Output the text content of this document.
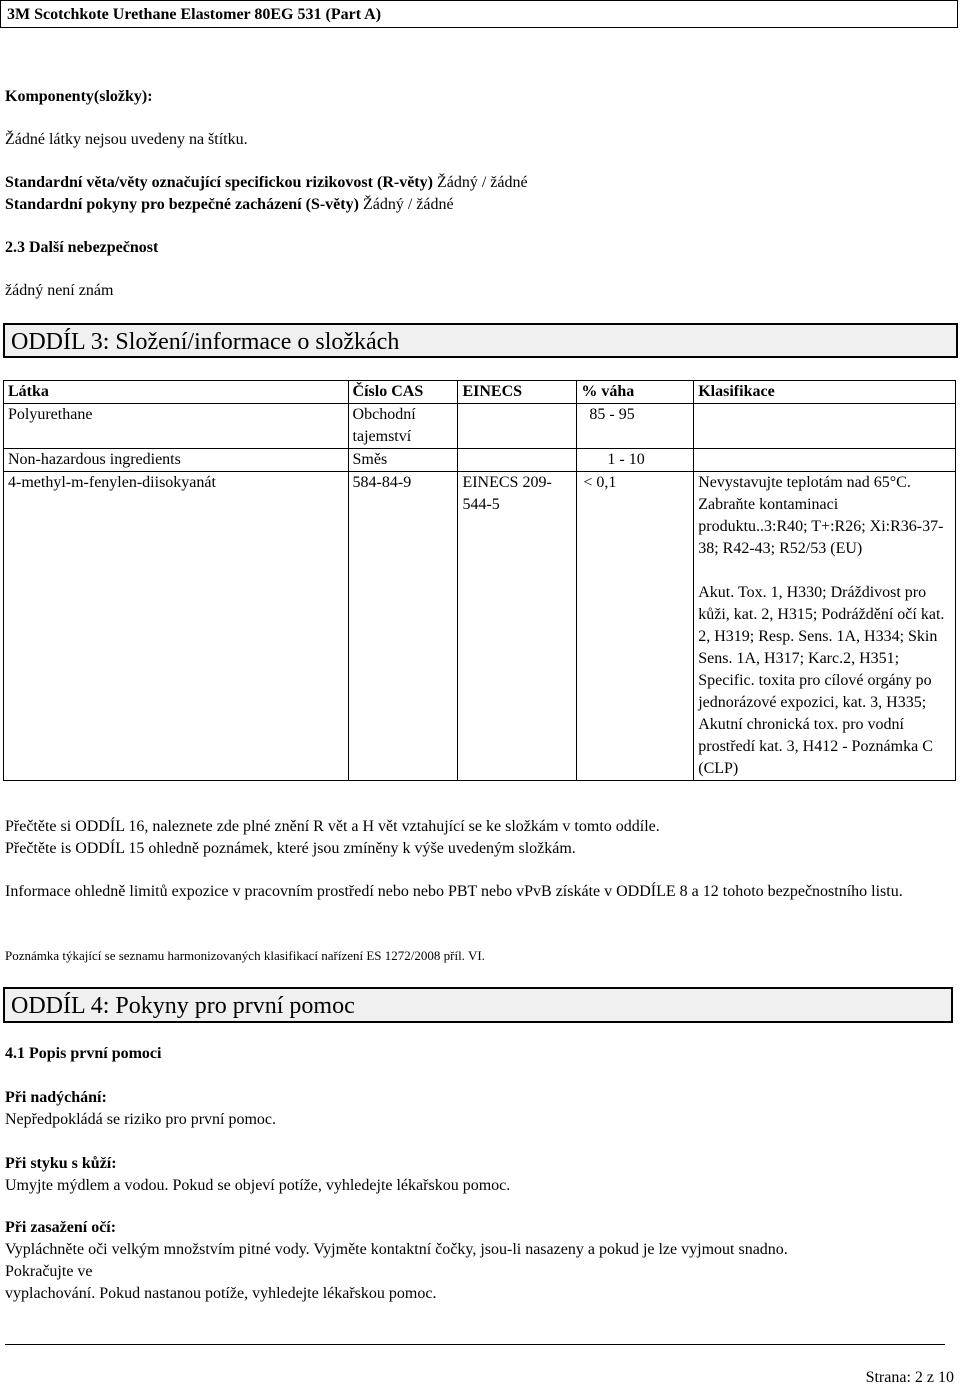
3M Scotchkote Urethane Elastomer 80EG 531 (Part A)
Komponenty(složky):
Žádné látky nejsou uvedeny na štítku.
Standardní věta/věty označující specifickou rizikovost (R-věty) Žádný / žádné
Standardní pokyny pro bezpečné zacházení (S-věty) Žádný / žádné
2.3 Další nebezpečnost
žádný není znám
ODDÍL 3: Složení/informace o složkách
Látka	Číslo CAS	EINECS	% váha	Klasifikace
Polyurethane	Obchodní tajemství		85 - 95	
Non-hazardous ingredients	Směs		1 - 10	
4-methyl-m-fenylen-diisokyanát	584-84-9	EINECS 209-544-5	< 0,1	Nevystavujte teplotám nad 65°C. Zabraňte kontaminaci produktu..3:R40; T+:R26; Xi:R36-37-38; R42-43; R52/53 (EU)
Akut. Tox. 1, H330; Dráždivost pro kůži, kat. 2, H315; Podráždění očí kat. 2, H319; Resp. Sens. 1A, H334; Skin Sens. 1A, H317; Karc.2, H351; Specific. toxita pro cílové orgány po jednorázové expozici, kat. 3, H335; Akutní chronická tox. pro vodní prostředí kat. 3, H412 - Poznámka C (CLP)
Přečtěte si ODDÍL 16, naleznete zde plné znění R vět a H vět vztahující se ke složkám v tomto oddíle.
Přečtěte is ODDÍL 15 ohledně poznámek, které jsou zmíněny k výše uvedeným složkám.
Informace ohledně limitů expozice v pracovním prostředí nebo nebo PBT nebo vPvB získáte v ODDÍLE 8 a 12 tohoto bezpečnostního listu.
Poznámka týkající se seznamu harmonizovaných klasifikací nařízení ES 1272/2008 příl. VI.
ODDÍL 4: Pokyny pro první pomoc
4.1 Popis první pomoci
Při nadýchání:
Nepředpokládá se riziko pro první pomoc.
Při styku s kůží:
Umyjte mýdlem a vodou. Pokud se objeví potíže, vyhledejte lékařskou pomoc.
Při zasažení očí:
Vypláchněte oči velkým množstvím pitné vody. Vyjměte kontaktní čočky, jsou-li nasazeny a pokud je lze vyjmout snadno.
Pokračujte ve
vyplachování. Pokud nastanou potíže, vyhledejte lékařskou pomoc.
Strana: 2 z 10
